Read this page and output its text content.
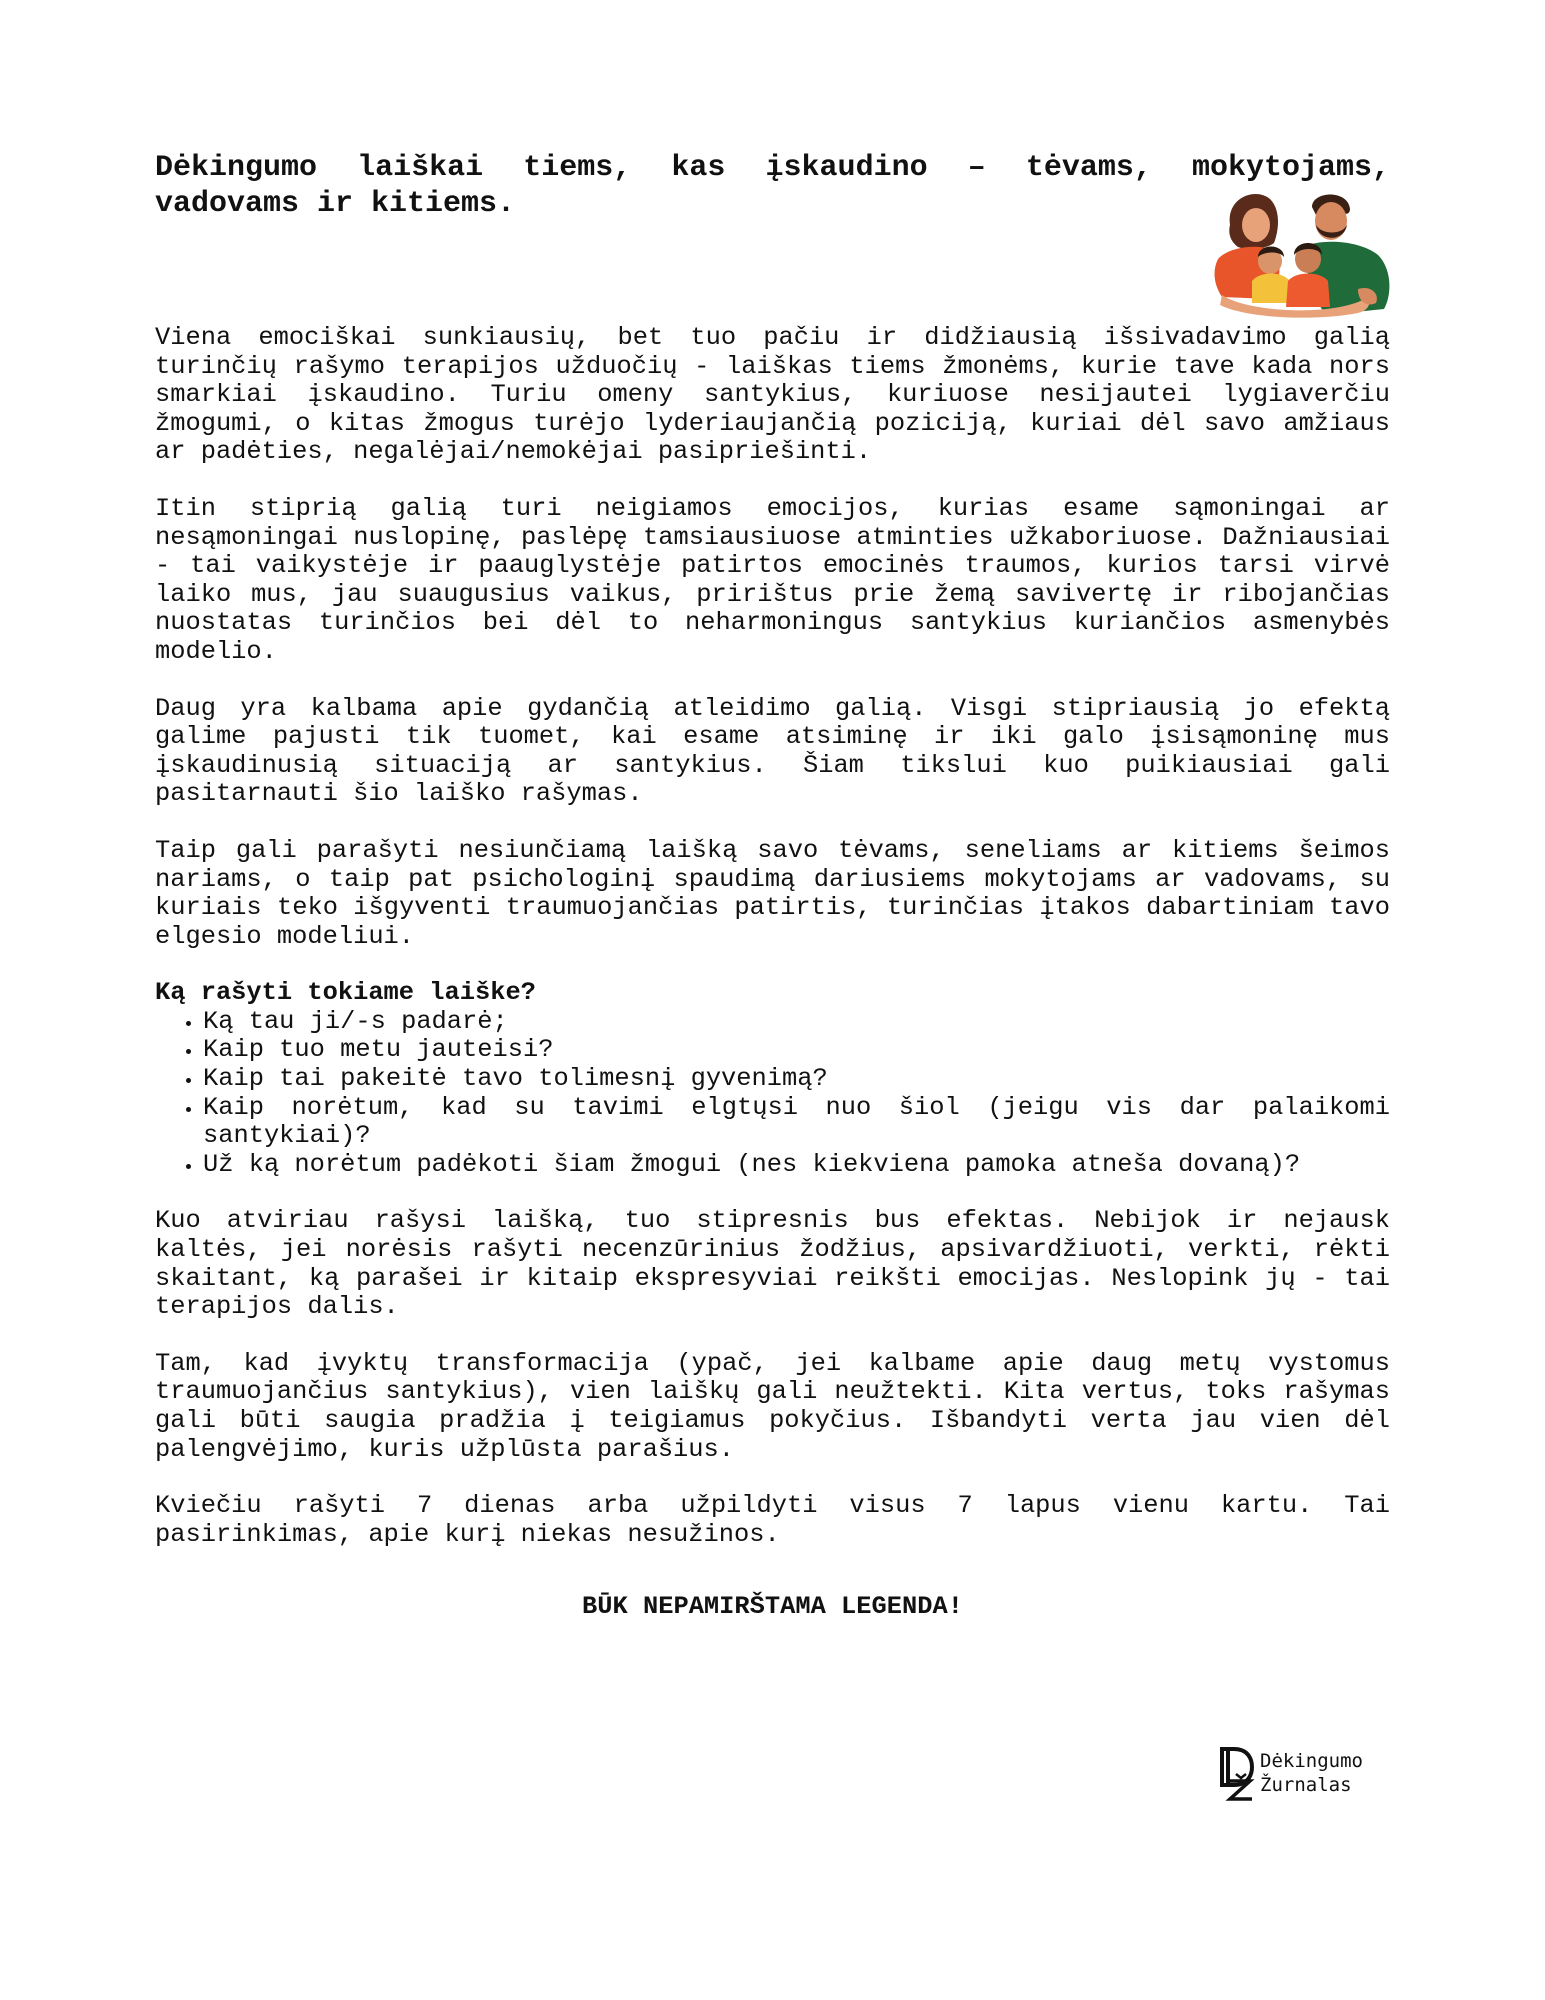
Dėkingumo laiškai tiems, kas įskaudino – tėvams, mokytojams, vadovams ir kitiems.

Viena emociškai sunkiausių, bet tuo pačiu ir didžiausią išsivadavimo galią turinčių rašymo terapijos užduočių - laiškas tiems žmonėms, kurie tave kada nors smarkiai įskaudino. Turiu omeny santykius, kuriuose nesijautei lygiaverčiu žmogumi, o kitas žmogus turėjo lyderiaujančią poziciją, kuriai dėl savo amžiaus ar padėties, negalėjai/nemokėjai pasipriešinti.

Itin stiprią galią turi neigiamos emocijos, kurias esame sąmoningai ar nesąmoningai nuslopinę, paslėpę tamsiausiuose atminties užkaboriuose. Dažniausiai - tai vaikystėje ir paauglystėje patirtos emocinės traumos, kurios tarsi virvė laiko mus, jau suaugusius vaikus, pririštus prie žemą savivertę ir ribojančias nuostatas turinčios bei dėl to neharmoningus santykius kuriančios asmenybės modelio.

Daug yra kalbama apie gydančią atleidimo galią. Visgi stipriausią jo efektą galime pajusti tik tuomet, kai esame atsiminę ir iki galo įsisąmoninę mus įskaudinusią situaciją ar santykius. Šiam tikslui kuo puikiausiai gali pasitarnauti šio laiško rašymas.

Taip gali parašyti nesiunčiamą laišką savo tėvams, seneliams ar kitiems šeimos nariams, o taip pat psichologinį spaudimą dariusiems mokytojams ar vadovams, su kuriais teko išgyventi traumuojančias patirtis, turinčias įtakos dabartiniam tavo elgesio modeliui.

Ką rašyti tokiame laiške?
• Ką tau ji/-s padarė;
• Kaip tuo metu jauteisi?
• Kaip tai pakeitė tavo tolimesnį gyvenimą?
• Kaip norėtum, kad su tavimi elgtųsi nuo šiol (jeigu vis dar palaikomi santykiai)?
• Už ką norėtum padėkoti šiam žmogui (nes kiekviena pamoka atneša dovaną)?

Kuo atviriau rašysi laišką, tuo stipresnis bus efektas. Nebijok ir nejausk kaltės, jei norėsis rašyti necenzūrinius žodžius, apsivardžiuoti, verkti, rėkti skaitant, ką parašei ir kitaip ekspresyviai reikšti emocijas. Neslopink jų - tai terapijos dalis.

Tam, kad įvyktų transformacija (ypač, jei kalbame apie daug metų vystomus traumuojančius santykius), vien laiškų gali neužtekti. Kita vertus, toks rašymas gali būti saugia pradžia į teigiamus pokyčius. Išbandyti verta jau vien dėl palengvėjimo, kuris užplūsta parašius.

Kviečiu rašyti 7 dienas arba užpildyti visus 7 lapus vienu kartu. Tai pasirinkimas, apie kurį niekas nesužinos.

BŪK NEPAMIRŠTAMA LEGENDA!
Dėkingumo
Žurnalas
